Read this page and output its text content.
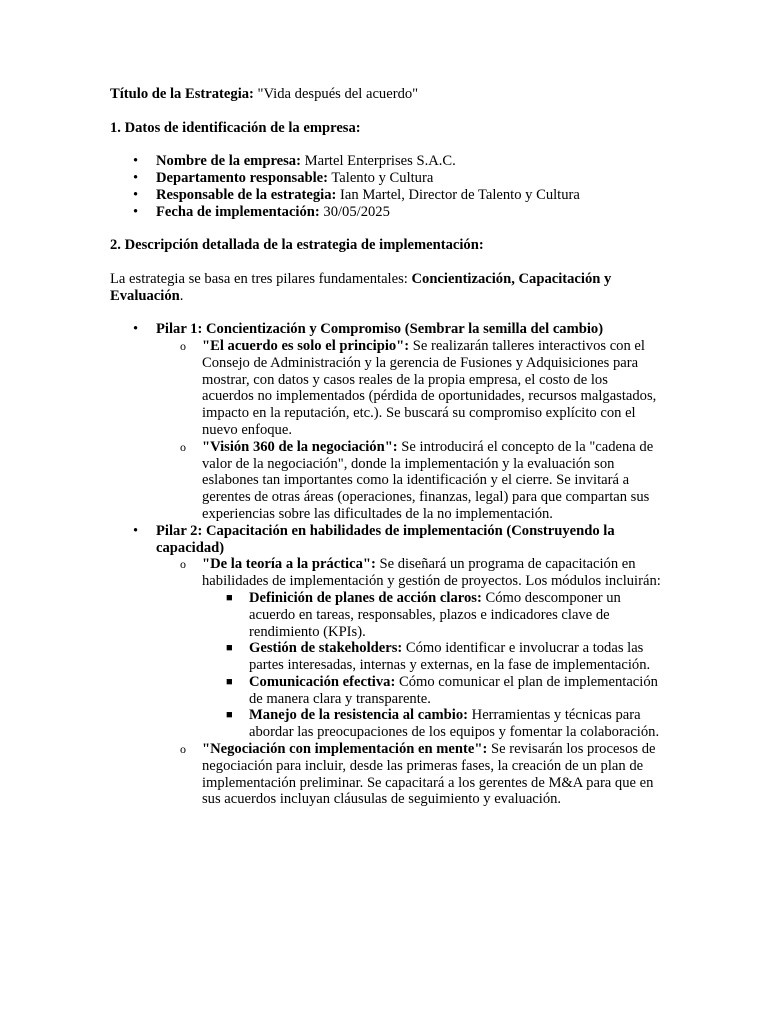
Título de la Estrategia: "Vida después del acuerdo"

1. Datos de identificación de la empresa:

• Nombre de la empresa: Martel Enterprises S.A.C.
• Departamento responsable: Talento y Cultura
• Responsable de la estrategia: Ian Martel, Director de Talento y Cultura
• Fecha de implementación: 30/05/2025

2. Descripción detallada de la estrategia de implementación:

La estrategia se basa en tres pilares fundamentales: Concientización, Capacitación y Evaluación.

• Pilar 1: Concientización y Compromiso (Sembrar la semilla del cambio)
o "El acuerdo es solo el principio": Se realizarán talleres interactivos con el Consejo de Administración y la gerencia de Fusiones y Adquisiciones para mostrar, con datos y casos reales de la propia empresa, el costo de los acuerdos no implementados (pérdida de oportunidades, recursos malgastados, impacto en la reputación, etc.). Se buscará su compromiso explícito con el nuevo enfoque.
o "Visión 360 de la negociación": Se introducirá el concepto de la "cadena de valor de la negociación", donde la implementación y la evaluación son eslabones tan importantes como la identificación y el cierre. Se invitará a gerentes de otras áreas (operaciones, finanzas, legal) para que compartan sus experiencias sobre las dificultades de la no implementación.
• Pilar 2: Capacitación en habilidades de implementación (Construyendo la capacidad)
o "De la teoría a la práctica": Se diseñará un programa de capacitación en habilidades de implementación y gestión de proyectos. Los módulos incluirán:
■ Definición de planes de acción claros: Cómo descomponer un acuerdo en tareas, responsables, plazos e indicadores clave de rendimiento (KPIs).
■ Gestión de stakeholders: Cómo identificar e involucrar a todas las partes interesadas, internas y externas, en la fase de implementación.
■ Comunicación efectiva: Cómo comunicar el plan de implementación de manera clara y transparente.
■ Manejo de la resistencia al cambio: Herramientas y técnicas para abordar las preocupaciones de los equipos y fomentar la colaboración.
o "Negociación con implementación en mente": Se revisarán los procesos de negociación para incluir, desde las primeras fases, la creación de un plan de implementación preliminar. Se capacitará a los gerentes de M&A para que en sus acuerdos incluyan cláusulas de seguimiento y evaluación.
